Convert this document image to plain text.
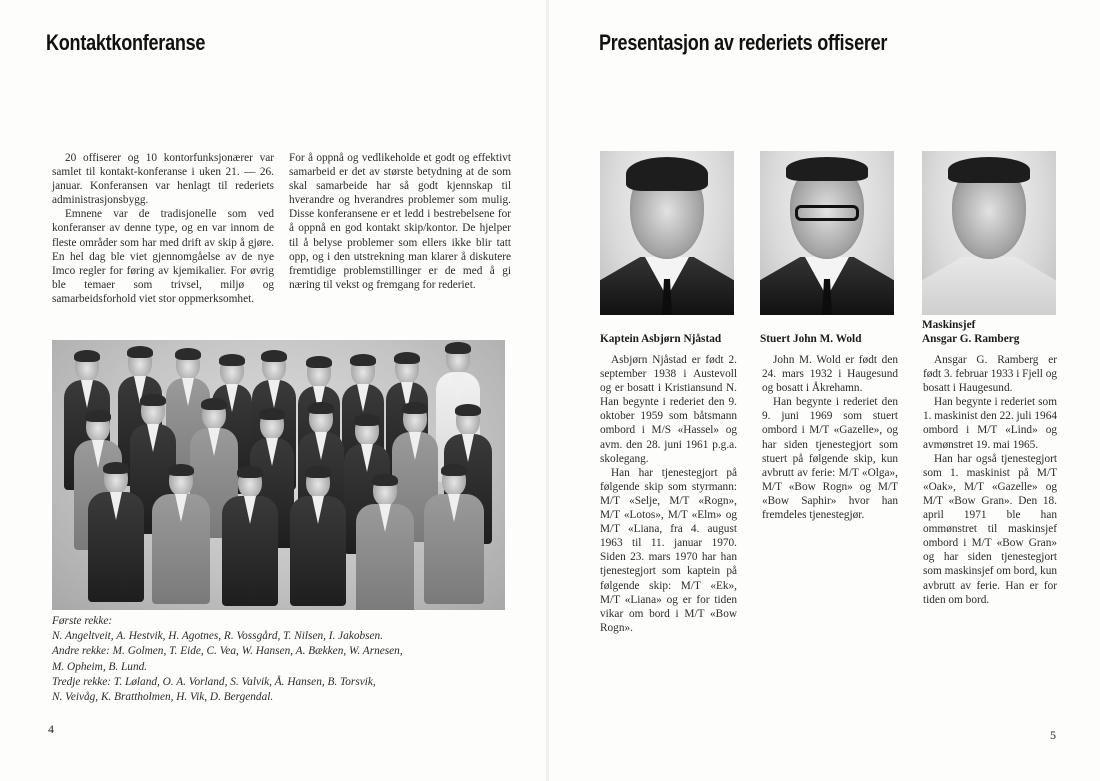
Kontaktkonferanse

20 offiserer og 10 kontorfunksjonærer var samlet til kontakt-konferanse i uken 21. — 26. januar. Konferansen var henlagt til rederiets administrasjonsbygg.

Emnene var de tradisjonelle som ved konferanser av denne type, og en var innom de fleste områder som har med drift av skip å gjøre. En hel dag ble viet gjennomgåelse av de nye Imco regler for føring av kjemikalier. For øvrig ble temaer som trivsel, miljø og samarbeidsforhold viet stor oppmerksomhet.

For å oppnå og vedlikeholde et godt og effektivt samarbeid er det av største betydning at de som skal samarbeide har så godt kjennskap til hverandre og hverandres problemer som mulig. Disse konferansene er et ledd i bestrebelsene for å oppnå en god kontakt skip/kontor. De hjelper til å belyse problemer som ellers ikke blir tatt opp, og i den utstrekning man klarer å diskutere fremtidige problemstillinger er de med å gi næring til vekst og fremgang for rederiet.

Første rekke:
N. Angeltveit, A. Hestvik, H. Agotnes, R. Vossgård, T. Nilsen, I. Jakobsen.
Andre rekke: M. Golmen, T. Eide, C. Vea, W. Hansen, A. Bækken, W. Arnesen,
M. Opheim, B. Lund.
Tredje rekke: T. Løland, O. A. Vorland, S. Valvik, Å. Hansen, B. Torsvik,
N. Veivåg, K. Brattholmen, H. Vik, D. Bergendal.
4
Presentasjon av rederiets offiserer
Kaptein Asbjørn Njåstad	Stuert John M. Wold
Maskinsjef
Ansgar G. Ramberg

Asbjørn Njåstad er født 2. september 1938 i Austevoll og er bosatt i Kristiansund N. Han begynte i rederiet den 9. oktober 1959 som båtsmann ombord i M/S «Hassel» og avm. den 28. juni 1961 p.g.a. skolegang.

Han har tjenestegjort på følgende skip som styrmann: M/T «Selje, M/T «Rogn», M/T «Lotos», M/T «Elm» og M/T «Liana, fra 4. august 1963 til 11. januar 1970. Siden 23. mars 1970 har han tjenestegjort som kaptein på følgende skip: M/T «Ek», M/T «Liana» og er for tiden vikar om bord i M/T «Bow Rogn».

John M. Wold er født den 24. mars 1932 i Haugesund og bosatt i Åkrehamn.

Han begynte i rederiet den 9. juni 1969 som stuert ombord i M/T «Gazelle», og har siden tjenestegjort som stuert på følgende skip, kun avbrutt av ferie: M/T «Olga», M/T «Bow Rogn» og M/T «Bow Saphir» hvor han fremdeles tjenestegjør.

Ansgar G. Ramberg er født 3. februar 1933 i Fjell og bosatt i Haugesund.

Han begynte i rederiet som 1. maskinist den 22. juli 1964 ombord i M/T «Lind» og avmønstret 19. mai 1965.

Han har også tjenestegjort som 1. maskinist på M/T «Oak», M/T «Gazelle» og M/T «Bow Gran». Den 18. april 1971 ble han ommønstret til maskinsjef ombord i M/T «Bow Gran» og har siden tjenestegjort som maskinsjef om bord, kun avbrutt av ferie. Han er for tiden om bord.

5
